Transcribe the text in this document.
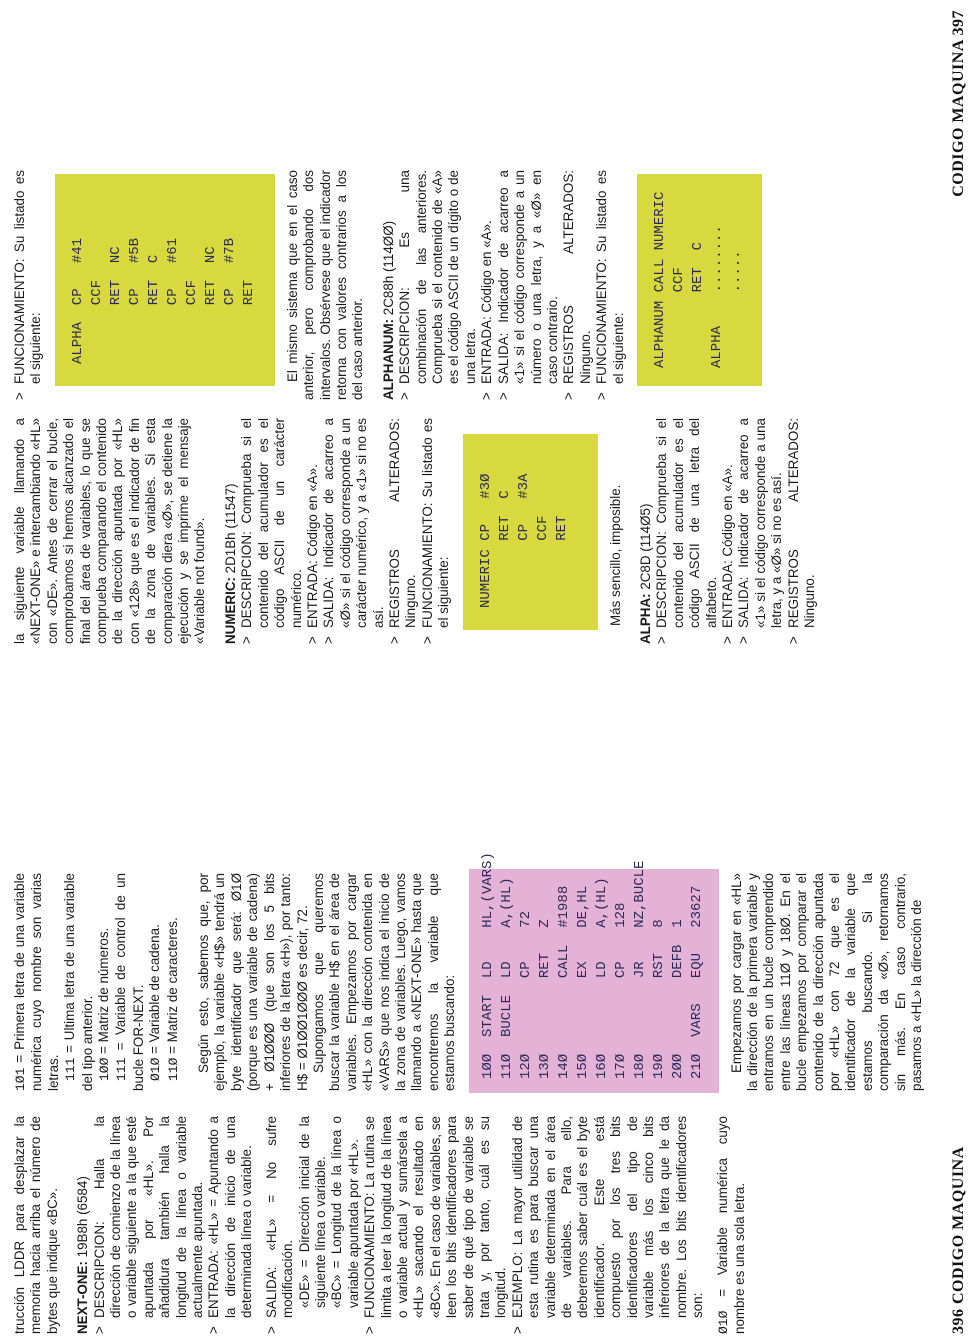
trucción LDDR para desplazar la memoria hacia arriba el número de bytes que indique «BC». NEXT-ONE: 19B8h (6584)

>
DESCRIPCION: Halla la dirección de comienzo de la línea o variable siguiente a la que esté apuntada por «HL». Por añadidura también halla la longitud de la línea o variable actualmente apuntada.
>
ENTRADA: «HL» = Apuntando a la dirección de inicio de una determinada línea o variable.
>
SALIDA: «HL» = No sufre modificación. «DE» = Dirección inicial de la siguiente línea o variable. «BC» = Longitud de la línea o variable apuntada por «HL».

>
FUNCIONAMIENTO: La rutina se limita a leer la longitud de la línea o variable actual y sumársela a «HL» sacando el resultado en «BC». En el caso de variables, se leen los bits identificadores para saber de qué tipo de variable se trata y, por tanto, cuál es su longitud.
>
EJEMPLO: La mayor utilidad de esta rutina es para buscar una variable determinada en el área de variables. Para ello, deberemos saber cuál es el byte identificador. Este está compuesto por los tres bits identificadores del tipo de variable más los cinco bits inferiores de la letra que le da nombre. Los bits identificadores son:

Ø1Ø = Variable numérica cuyo nombre es una sola letra.

1Ø1 = Primera letra de una variable numérica cuyo nombre son varias letras. 111 = Ultima letra de una variable del tipo anterior. 1ØØ = Matriz de números.

111 = Variable de control de un bucle FOR-NEXT. Ø1Ø = Variable de cadena.

11Ø = Matriz de caracteres. Según esto, sabemos que, por ejemplo, la variable «H$» tendrá un byte identificador que será: Ø1Ø (porque es una variable de cadena) + Ø1ØØØ (que son los 5 bits inferiores de la letra «H»), por tanto: H$ = Ø1ØØ1ØØØ es decir, 72. Supongamos que queremos buscar la variable H$ en el área de variables. Empezamos por cargar «HL» con la dirección contenida en «VARS» que nos indica el inicio de la zona de variables. Luego, vamos llamando a «NEXT-ONE» hasta que encontremos la variable que estamos buscando: 1ØØ  START  LD    HL,(VARS) 11Ø  BUCLE  LD    A,(HL) 12Ø         CP    72 13Ø         RET   Z 14Ø         CALL  #1988 15Ø         EX    DE,HL 16Ø         LD    A,(HL) 17Ø         CP    128 18Ø         JR    NZ,BUCLE 19Ø         RST   8 2ØØ         DEFB  1 21Ø  VARS   EQU   23627 Empezamos por cargar en «HL» la dirección de la primera variable y entramos en un bucle comprendido entre las líneas 11Ø y 18Ø. En el bucle empezamos por comparar el contenido de la dirección apuntada por «HL» con 72 que es el identificador de la variable que estamos buscando. Si la comparación da «Ø», retornamos sin más. En caso contrario, pasamos a «HL» la dirección de

la siguiente variable llamando a «NEXT-ONE» e intercambiando «HL» con «DE». Antes de cerrar el bucle, comprobamos si hemos alcanzado el final del área de variables, lo que se comprueba comparando el contenido de la dirección apuntada por «HL» con «128» que es el indicador de fin de la zona de variables. Si esta comparación diera «Ø», se detiene la ejecución y se imprime el mensaje «Variable not found». NUMERIC: 2D1Bh (11547)

>
DESCRIPCION: Comprueba si el contenido del acumulador es el código ASCII de un carácter numérico.
>
ENTRADA: Código en «A».
>
SALIDA: Indicador de acarreo a «Ø» si el código corresponde a un carácter numérico, y a «1» si no es así.
>
REGISTROS ALTERADOS: Ninguno.
>
FUNCIONAMIENTO: Su listado es el siguiente: NUMERIC CP   #3Ø RET  C CP   #3A CCF RET	Más sencillo, imposible. ALPHA: 2C8D (114Ø5)

>
DESCRIPCION: Comprueba si el contenido del acumulador es el código ASCII de una letra del alfabeto.
>
ENTRADA: Código en «A».
>
SALIDA: Indicador de acarreo a «1» si el código corresponde a una letra, y a «Ø» si no es así.
>
REGISTROS ALTERADOS: Ninguno.
>
FUNCIONAMIENTO: Su listado es el siguiente: ALPHA  CP   #41 CCF RET  NC CP   #5B RET  C CP   #61 CCF RET  NC CP   #7B RET El mismo sistema que en el caso anterior, pero comprobando dos intervalos. Obsérvese que el indicador retorna con valores contrarios a los del caso anterior. ALPHANUM: 2C88h (114ØØ)

>
DESCRIPCION: Es una combinación de las anteriores. Comprueba si el contenido de «A» es el código ASCII de un dígito o de una letra.
>
ENTRADA: Código en «A».
>
SALIDA: Indicador de acarreo a «1» si el código corresponde a un número o una letra, y a «Ø» en caso contrario.
>
REGISTROS ALTERADOS: Ninguno.
>
FUNCIONAMIENTO: Su listado es el siguiente: ALPHANUM CALL NUMERIC CCF RET  C ALPHA    ........ .....
396 CODIGO MAQUINA
CODIGO MAQUINA 397
